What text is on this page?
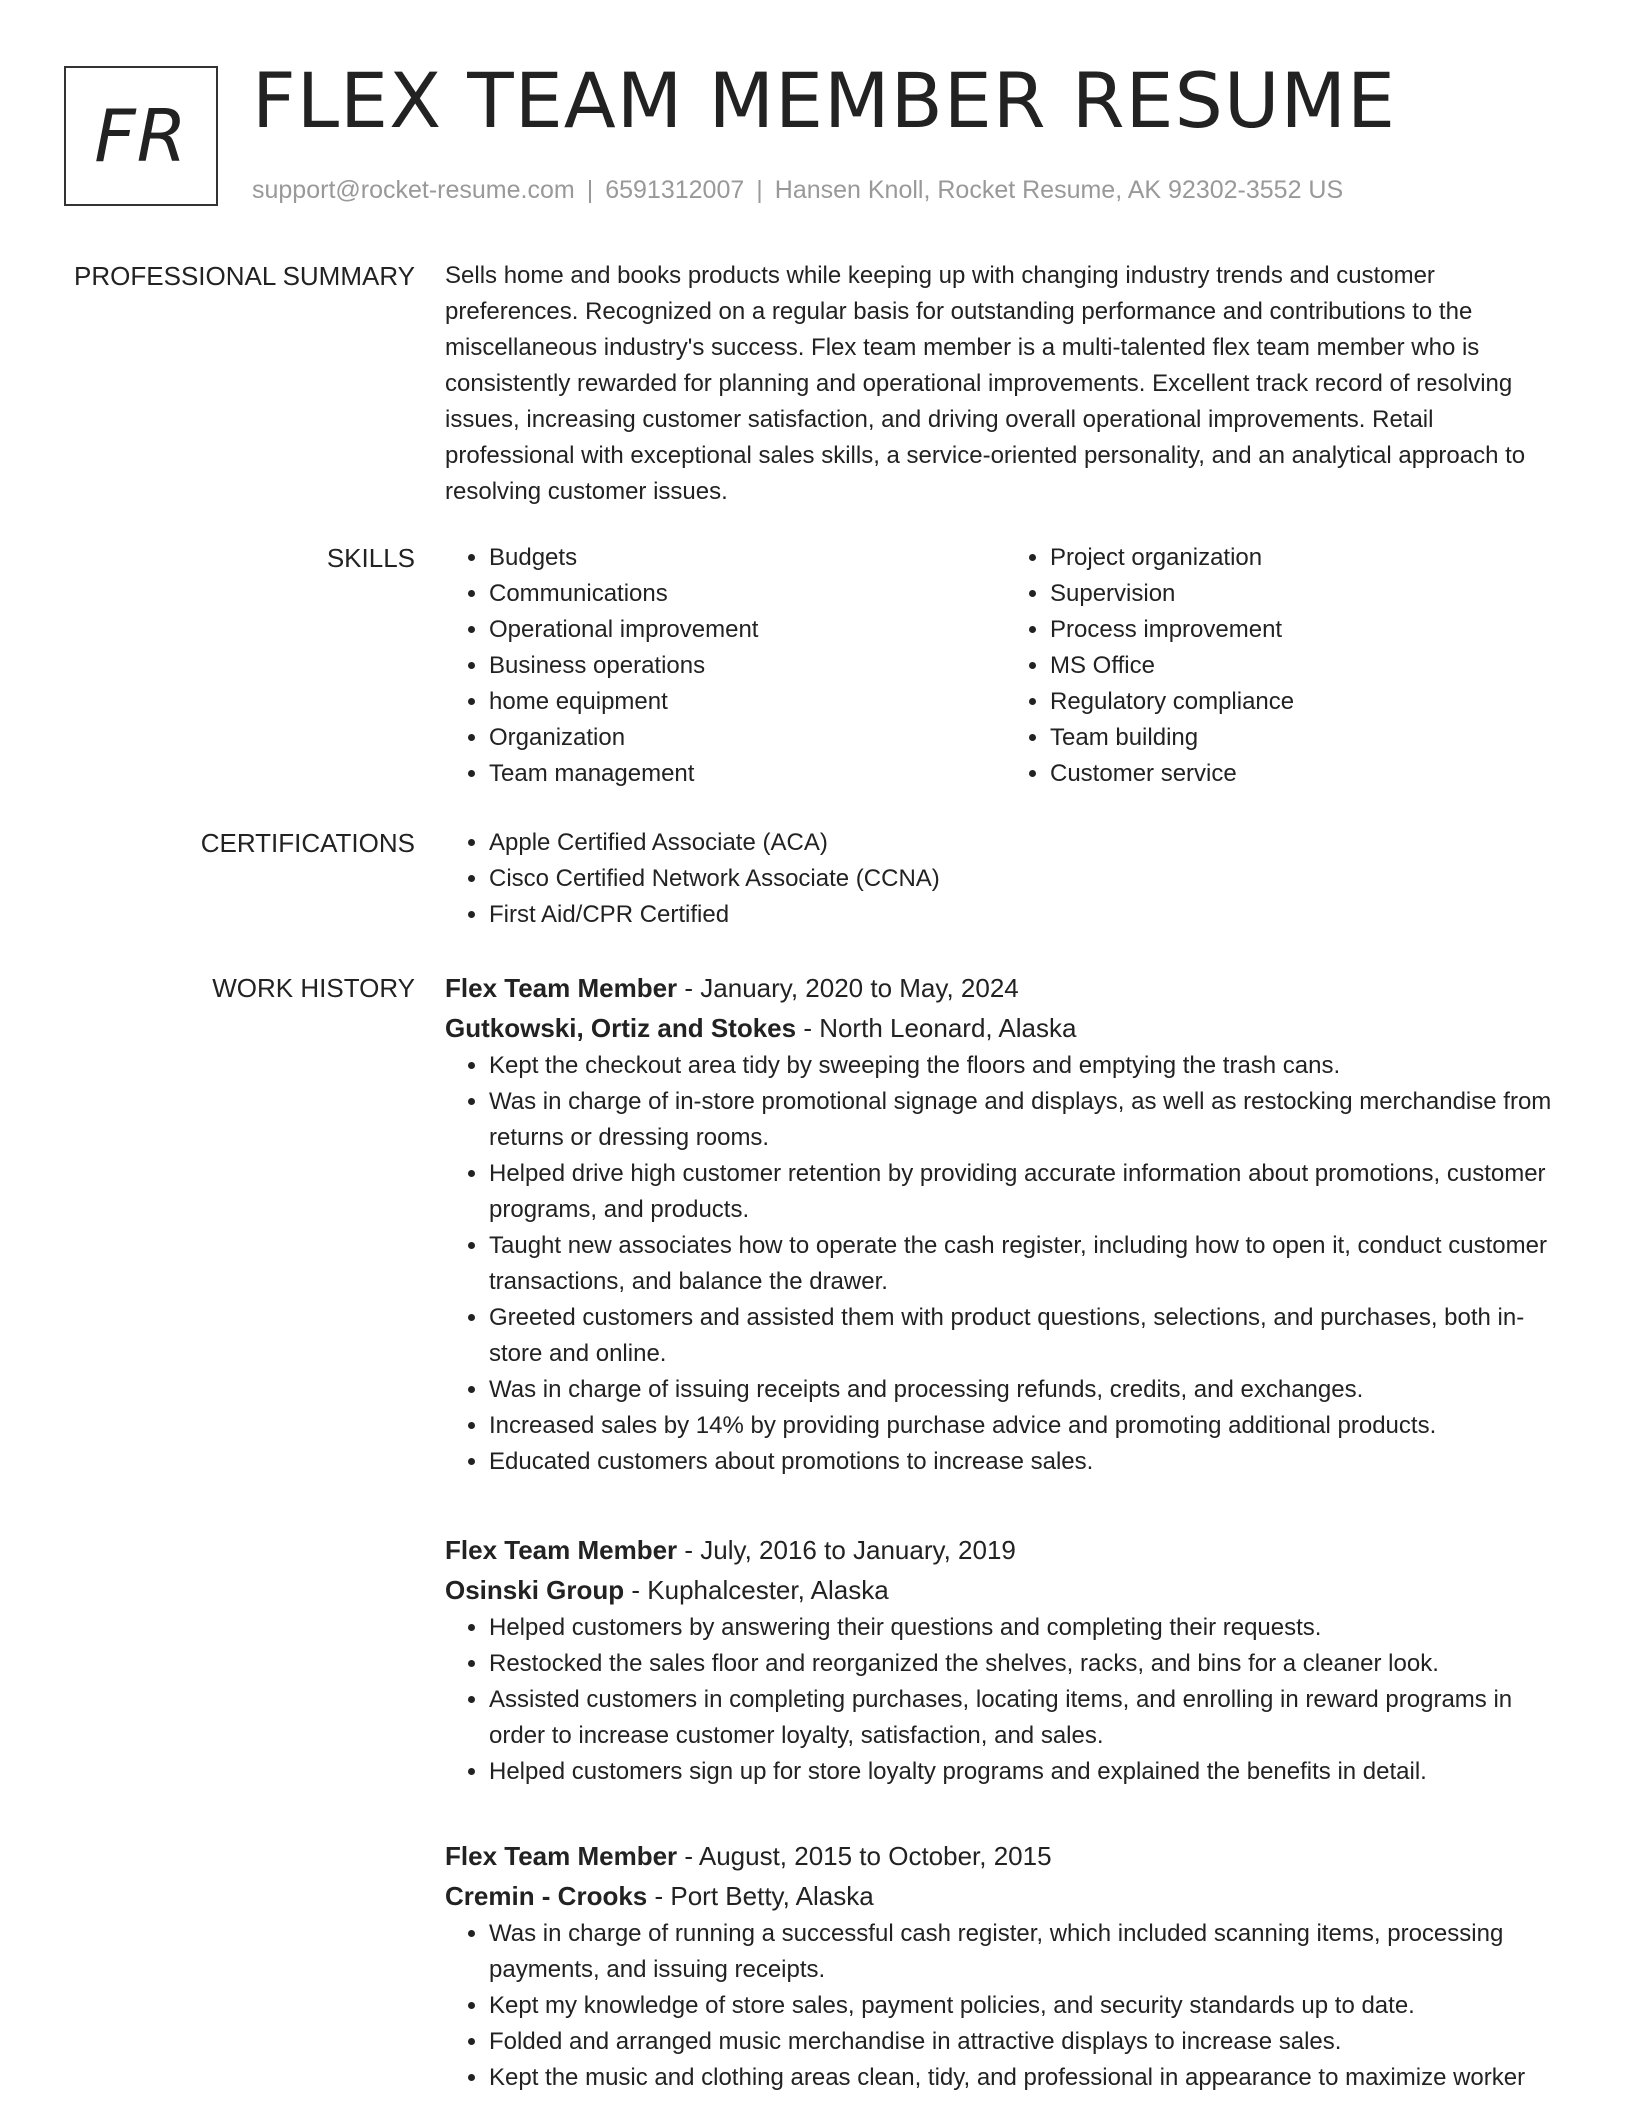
FR FLEX TEAM MEMBER RESUME
support@rocket-resume.com | 6591312007 | Hansen Knoll, Rocket Resume, AK 92302-3552 US
PROFESSIONAL SUMMARY Sells home and books products while keeping up with changing industry trends and customer preferences. Recognized on a regular basis for outstanding performance and contributions to the miscellaneous industry's success. Flex team member is a multi-talented flex team member who is consistently rewarded for planning and operational improvements. Excellent track record of resolving issues, increasing customer satisfaction, and driving overall operational improvements. Retail professional with exceptional sales skills, a service-oriented personality, and an analytical approach to resolving customer issues.

SKILLS	• Budgets
• Communications
• Operational improvement
• Business operations
• home equipment
• Organization
• Team management
• Project organization
• Supervision
• Process improvement
• MS Office
• Regulatory compliance
• Team building
• Customer service
CERTIFICATIONS	• Apple Certified Associate (ACA)
• Cisco Certified Network Associate (CCNA)
• First Aid/CPR Certified
WORK HISTORY Flex Team Member - January, 2020 to May, 2024
Gutkowski, Ortiz and Stokes - North Leonard, Alaska
• Kept the checkout area tidy by sweeping the floors and emptying the trash cans.
• Was in charge of in-store promotional signage and displays, as well as restocking merchandise from returns or dressing rooms.
• Helped drive high customer retention by providing accurate information about promotions, customer programs, and products.
• Taught new associates how to operate the cash register, including how to open it, conduct customer transactions, and balance the drawer.
• Greeted customers and assisted them with product questions, selections, and purchases, both in-store and online.
• Was in charge of issuing receipts and processing refunds, credits, and exchanges.
• Increased sales by 14% by providing purchase advice and promoting additional products.
• Educated customers about promotions to increase sales.
Flex Team Member - July, 2016 to January, 2019
Osinski Group - Kuphalcester, Alaska
• Helped customers by answering their questions and completing their requests.
• Restocked the sales floor and reorganized the shelves, racks, and bins for a cleaner look.
• Assisted customers in completing purchases, locating items, and enrolling in reward programs in order to increase customer loyalty, satisfaction, and sales.
• Helped customers sign up for store loyalty programs and explained the benefits in detail.
Flex Team Member - August, 2015 to October, 2015
Cremin - Crooks - Port Betty, Alaska
• Was in charge of running a successful cash register, which included scanning items, processing payments, and issuing receipts.
• Kept my knowledge of store sales, payment policies, and security standards up to date.
• Folded and arranged music merchandise in attractive displays to increase sales.
• Kept the music and clothing areas clean, tidy, and professional in appearance to maximize worker
